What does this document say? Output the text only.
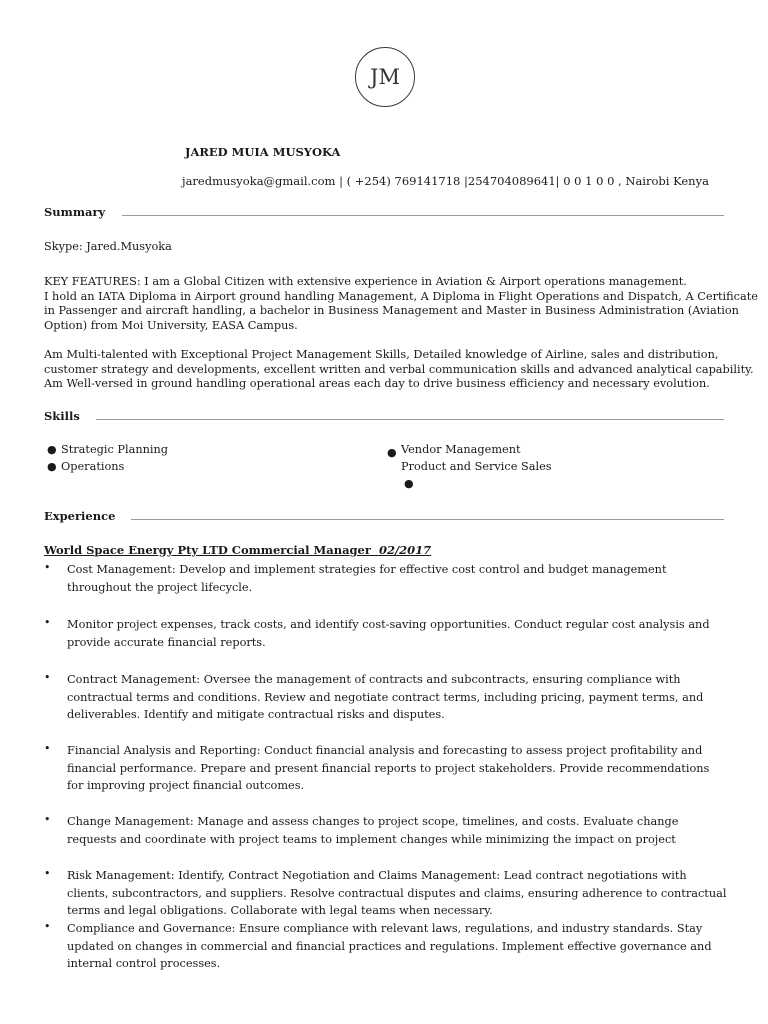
JM
JARED MUIA MUSYOKA
jaredmusyoka@gmail.com | ( +254) 769141718 |254704089641| 0 0 1 0 0 , Nairobi Kenya
Summary
Skype: Jared.Musyoka
KEY FEATURES: I am a Global Citizen with extensive experience in Aviation & Airport operations management.
I hold an IATA Diploma in Airport ground handling Management, A Diploma in Flight Operations and Dispatch, A Certificate
in Passenger and aircraft handling, a bachelor in Business Management and Master in Business Administration (Aviation
Option) from Moi University, EASA Campus.
Am Multi-talented with Exceptional Project Management Skills, Detailed knowledge of Airline, sales and distribution,
customer strategy and developments, excellent written and verbal communication skills and advanced analytical capability.
Am Well-versed in ground handling operational areas each day to drive business efficiency and necessary evolution.
Skills
● Strategic Planning
● Operations
● Vendor Management
Product and Service Sales
●
Experience
World Space Energy Pty LTD Commercial Manager 02/2017
• Cost Management: Develop and implement strategies for effective cost control and budget management throughout the project lifecycle.
• Monitor project expenses, track costs, and identify cost-saving opportunities. Conduct regular cost analysis and provide accurate financial reports.
• Contract Management: Oversee the management of contracts and subcontracts, ensuring compliance with contractual terms and conditions. Review and negotiate contract terms, including pricing, payment terms, and deliverables. Identify and mitigate contractual risks and disputes.
• Financial Analysis and Reporting: Conduct financial analysis and forecasting to assess project profitability and financial performance. Prepare and present financial reports to project stakeholders. Provide recommendations for improving project financial outcomes.
• Change Management: Manage and assess changes to project scope, timelines, and costs. Evaluate change requests and coordinate with project teams to implement changes while minimizing the impact on project
• Risk Management: Identify, Contract Negotiation and Claims Management: Lead contract negotiations with clients, subcontractors, and suppliers. Resolve contractual disputes and claims, ensuring adherence to contractual terms and legal obligations. Collaborate with legal teams when necessary.
• Compliance and Governance: Ensure compliance with relevant laws, regulations, and industry standards. Stay updated on changes in commercial and financial practices and regulations. Implement effective governance and internal control processes.
